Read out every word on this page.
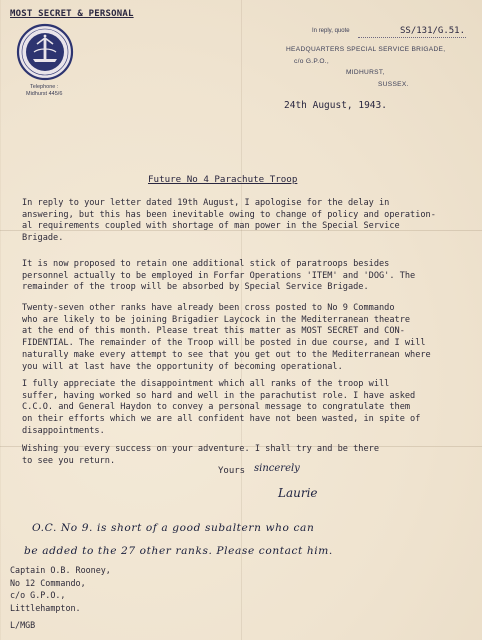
MOST SECRET & PERSONAL
Telephone :
Midhurst 445/6
In reply, quote	SS/131/G.51.
HEADQUARTERS SPECIAL SERVICE BRIGADE,
c/o G.P.O.,
MIDHURST,
SUSSEX.
24th August, 1943.
Future No 4 Parachute Troop
In reply to your letter dated 19th August, I apologise for the delay in
answering, but this has been inevitable owing to change of policy and operation-
al requirements coupled with shortage of man power in the Special Service
Brigade.
It is now proposed to retain one additional stick of paratroops besides
personnel actually to be employed in Forfar Operations 'ITEM' and 'DOG'. The
remainder of the troop will be absorbed by Special Service Brigade.
Twenty-seven other ranks have already been cross posted to No 9 Commando
who are likely to be joining Brigadier Laycock in the Mediterranean theatre
at the end of this month. Please treat this matter as MOST SECRET and CON-
FIDENTIAL. The remainder of the Troop will be posted in due course, and I will
naturally make every attempt to see that you get out to the Mediterranean where
you will at last have the opportunity of becoming operational.
I fully appreciate the disappointment which all ranks of the troop will
suffer, having worked so hard and well in the parachutist role. I have asked
C.C.O. and General Haydon to convey a personal message to congratulate them
on their efforts which we are all confident have not been wasted, in spite of
disappointments.
Wishing you every success on your adventure. I shall try and be there
to see you return.
Yours sincerely
Laurie
O.C. No 9. is short of a good subaltern who can
be added to the 27 other ranks. Please contact him.
Captain O.B. Rooney,
No 12 Commando,
c/o G.P.O.,
Littlehampton.
L/MGB
